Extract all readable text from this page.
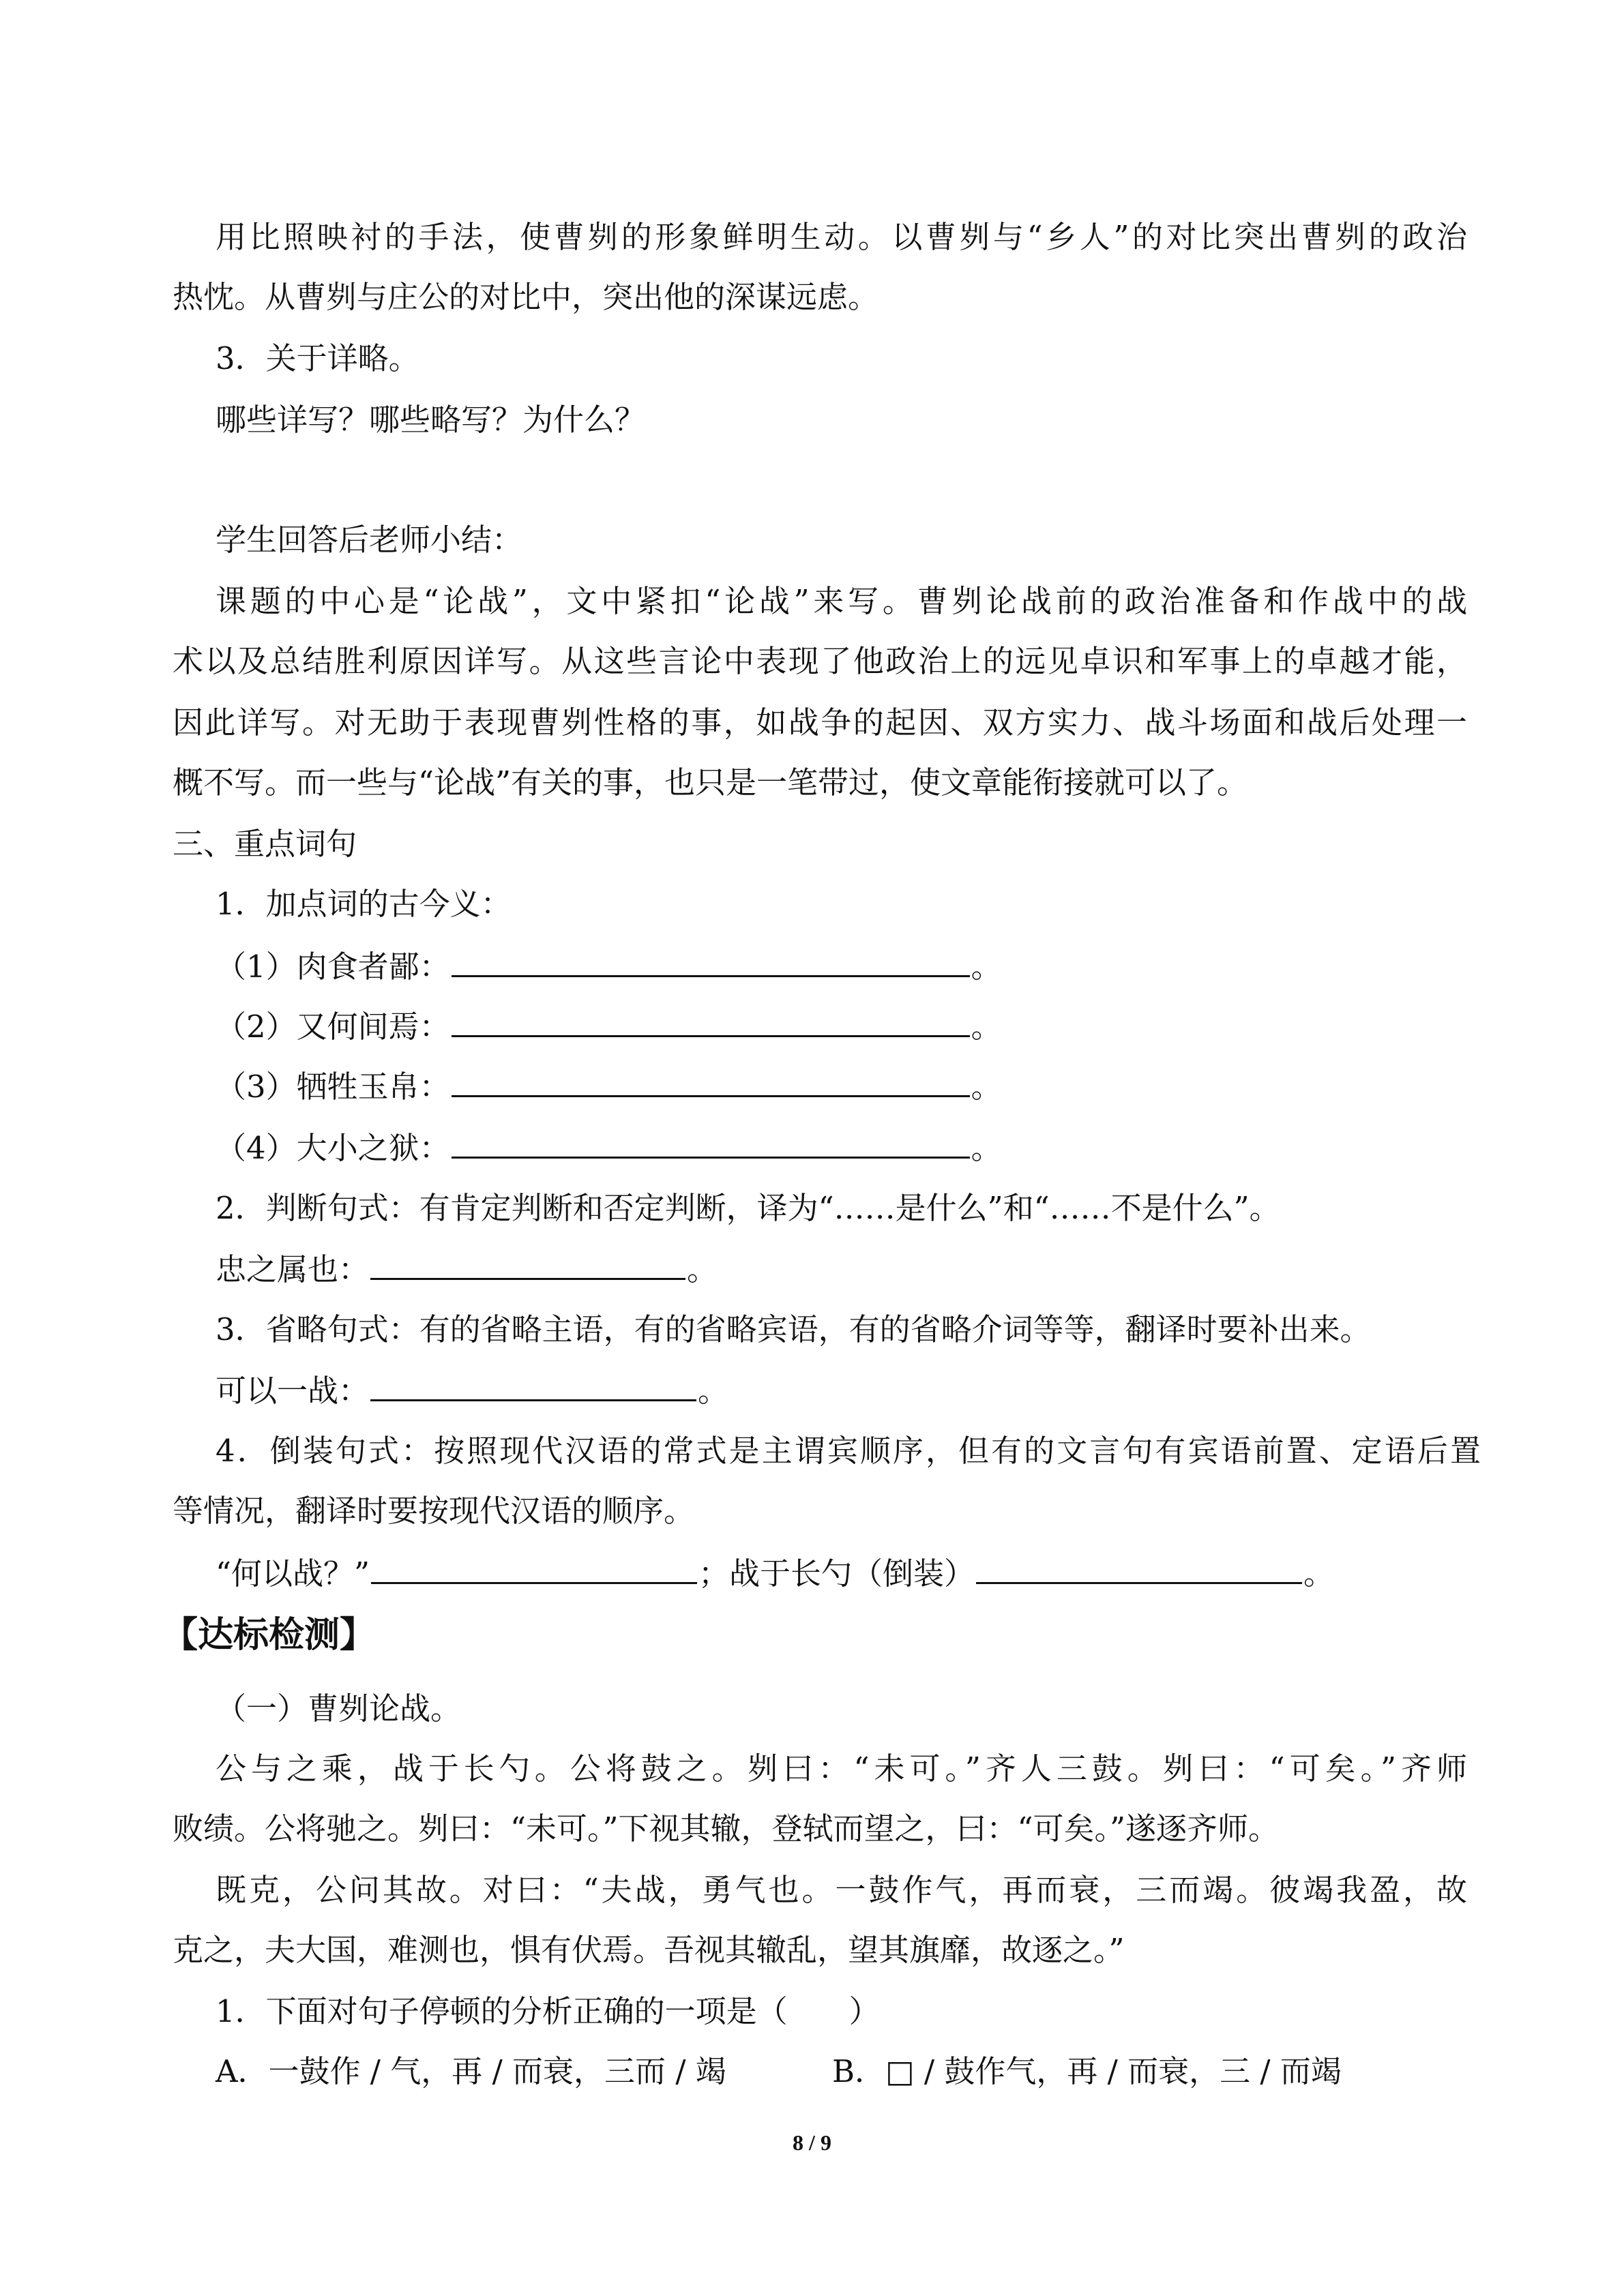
用比照映衬的手法，使曹刿的形象鲜明生动。以曹刿与“乡人”的对比突出曹刿的政治
热忱。从曹刿与庄公的对比中，突出他的深谋远虑。
3．关于详略。
哪些详写？哪些略写？为什么？
学生回答后老师小结：
课题的中心是“论战”，文中紧扣“论战”来写。曹刿论战前的政治准备和作战中的战
术以及总结胜利原因详写。从这些言论中表现了他政治上的远见卓识和军事上的卓越才能，
因此详写。对无助于表现曹刿性格的事，如战争的起因、双方实力、战斗场面和战后处理一
概不写。而一些与“论战”有关的事，也只是一笔带过，使文章能衔接就可以了。
三、重点词句
1．加点词的古今义：
（1）肉食者鄙：	。
（2）又何间焉：	。
（3）牺牲玉帛：	。
（4）大小之狱：	。
2．判断句式：有肯定判断和否定判断，译为“……是什么”和“……不是什么”。
忠之属也：	。
3．省略句式：有的省略主语，有的省略宾语，有的省略介词等等，翻译时要补出来。
可以一战：	。
4．倒装句式：按照现代汉语的常式是主谓宾顺序，但有的文言句有宾语前置、定语后置
等情况，翻译时要按现代汉语的顺序。
“何以战？”	；战于长勺（倒装）	。
【达标检测】
（一）曹刿论战。
公与之乘，战于长勺。公将鼓之。刿曰：“未可。”齐人三鼓。刿曰：“可矣。”齐师
败绩。公将驰之。刿曰：“未可。”下视其辙，登轼而望之，曰：“可矣。”遂逐齐师。
既克，公问其故。对曰：“夫战，勇气也。一鼓作气，再而衰，三而竭。彼竭我盈，故
克之，夫大国，难测也，惧有伏焉。吾视其辙乱，望其旗靡，故逐之。”
1．下面对句子停顿的分析正确的一项是（　　）
A．一鼓作 / 气，再 / 而衰，三而 / 竭	B．□ / 鼓作气，再 / 而衰，三 / 而竭
8 / 9
